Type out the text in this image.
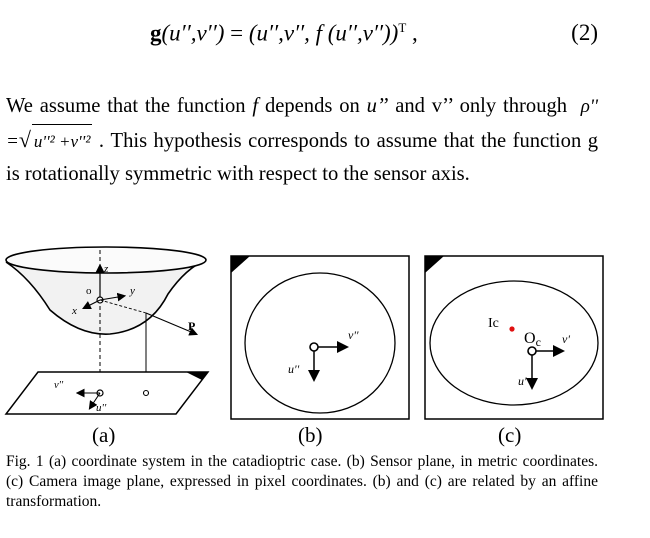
g(u′′,v′′) = (u′′,v′′, f (u′′,v′′))$^T$ ,	(2)
We assume that the function f depends on u’’ and v’’ only through  ρ'' =√ u''² +v''² . This hypothesis corresponds to assume that the function g is rotationally symmetric with respect to the sensor axis.
z
o	y
x
P
v''
u''
v''
u''
Ic
Oc v'
u'
(a)	(b)	(c)
Fig. 1 (a) coordinate system in the catadioptric case. (b) Sensor plane, in metric coordinates. (c) Camera image plane, expressed in pixel coordinates. (b) and (c) are related by an affine transformation.
